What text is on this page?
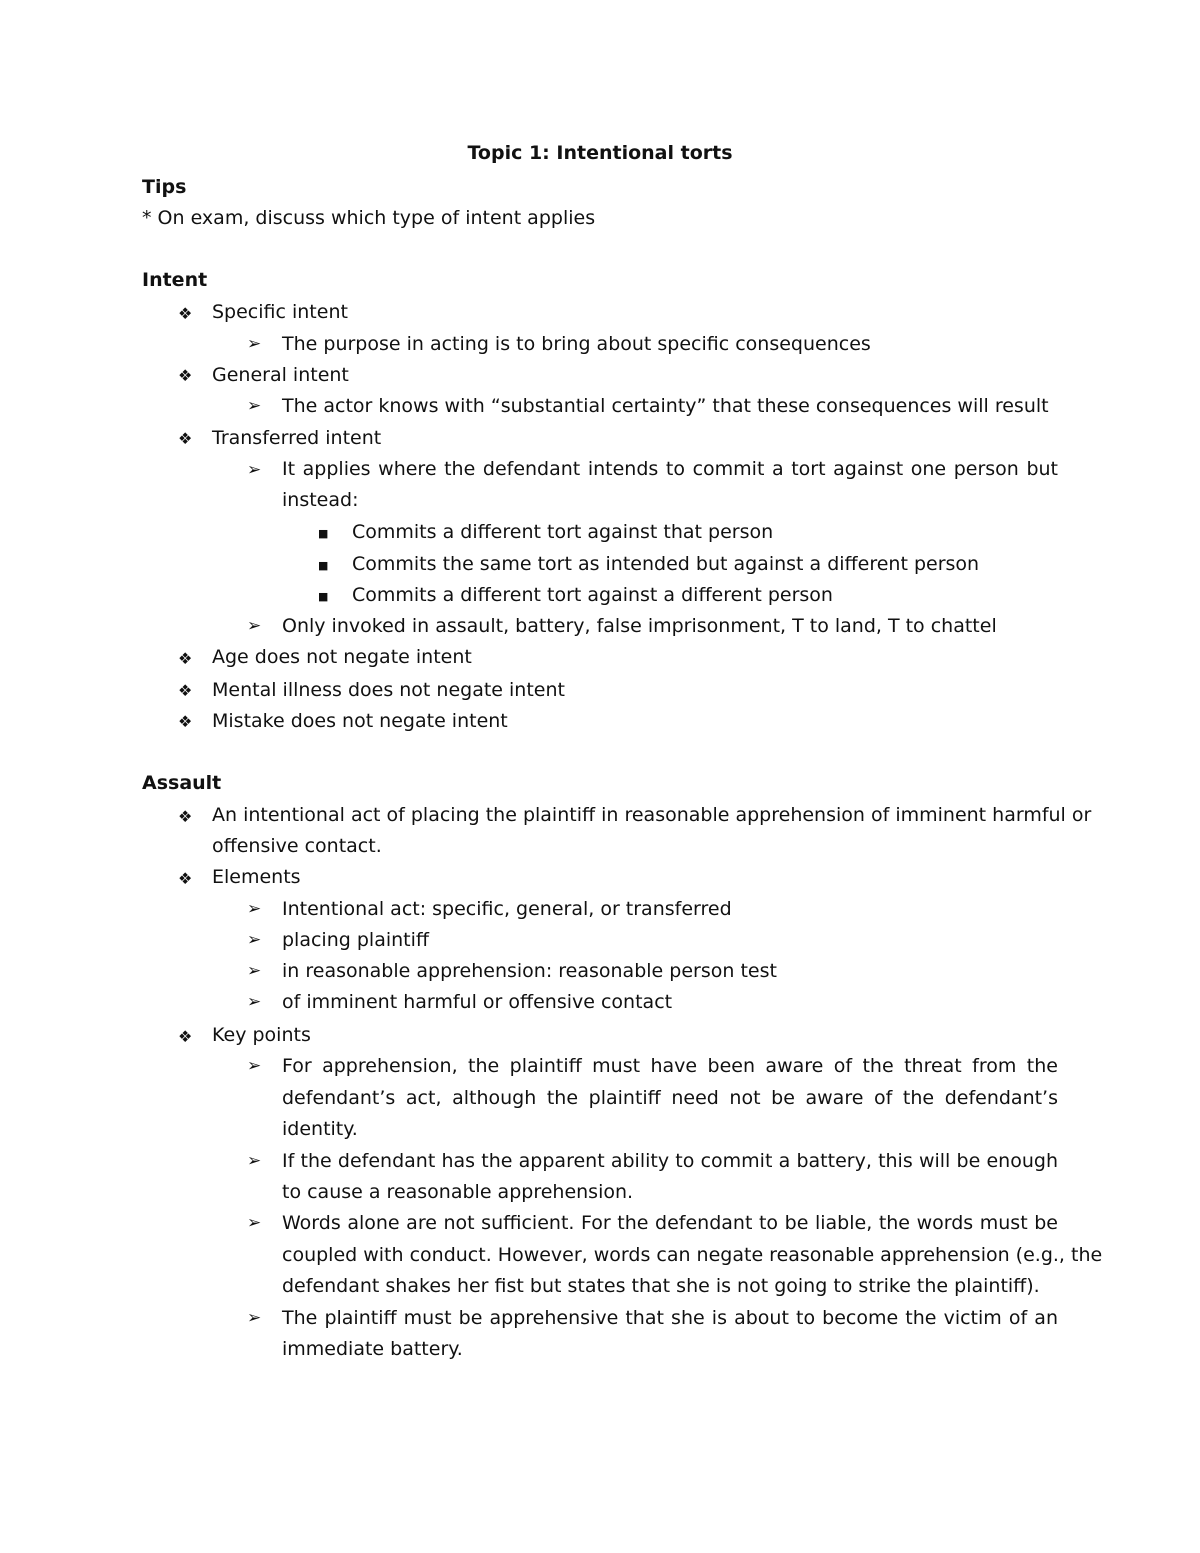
Topic 1: Intentional torts
Tips
* On exam, discuss which type of intent applies
Intent
❖ Specific intent
➢	The purpose in acting is to bring about specific consequences
❖ General intent
➢	The actor knows with “substantial certainty” that these consequences will result
❖ Transferred intent
➢	It applies where the defendant intends to commit a tort against one person but
instead:
■ Commits a different tort against that person
■ Commits the same tort as intended but against a different person
■ Commits a different tort against a different person
➢	Only invoked in assault, battery, false imprisonment, T to land, T to chattel
❖ Age does not negate intent
❖ Mental illness does not negate intent
❖ Mistake does not negate intent
Assault
❖ An intentional act of placing the plaintiff in reasonable apprehension of imminent harmful or
offensive contact.
❖ Elements
➢	Intentional act: specific, general, or transferred
➢	placing plaintiff
➢	in reasonable apprehension: reasonable person test
➢	of imminent harmful or offensive contact
❖ Key points
➢	For apprehension, the plaintiff must have been aware of the threat from the
defendant’s act, although the plaintiff need not be aware of the defendant’s
identity.
➢	If the defendant has the apparent ability to commit a battery, this will be enough
to cause a reasonable apprehension.
➢	Words alone are not sufficient. For the defendant to be liable, the words must be
coupled with conduct. However, words can negate reasonable apprehension (e.g., the
defendant shakes her fist but states that she is not going to strike the plaintiff).
➢	The plaintiff must be apprehensive that she is about to become the victim of an
immediate battery.
